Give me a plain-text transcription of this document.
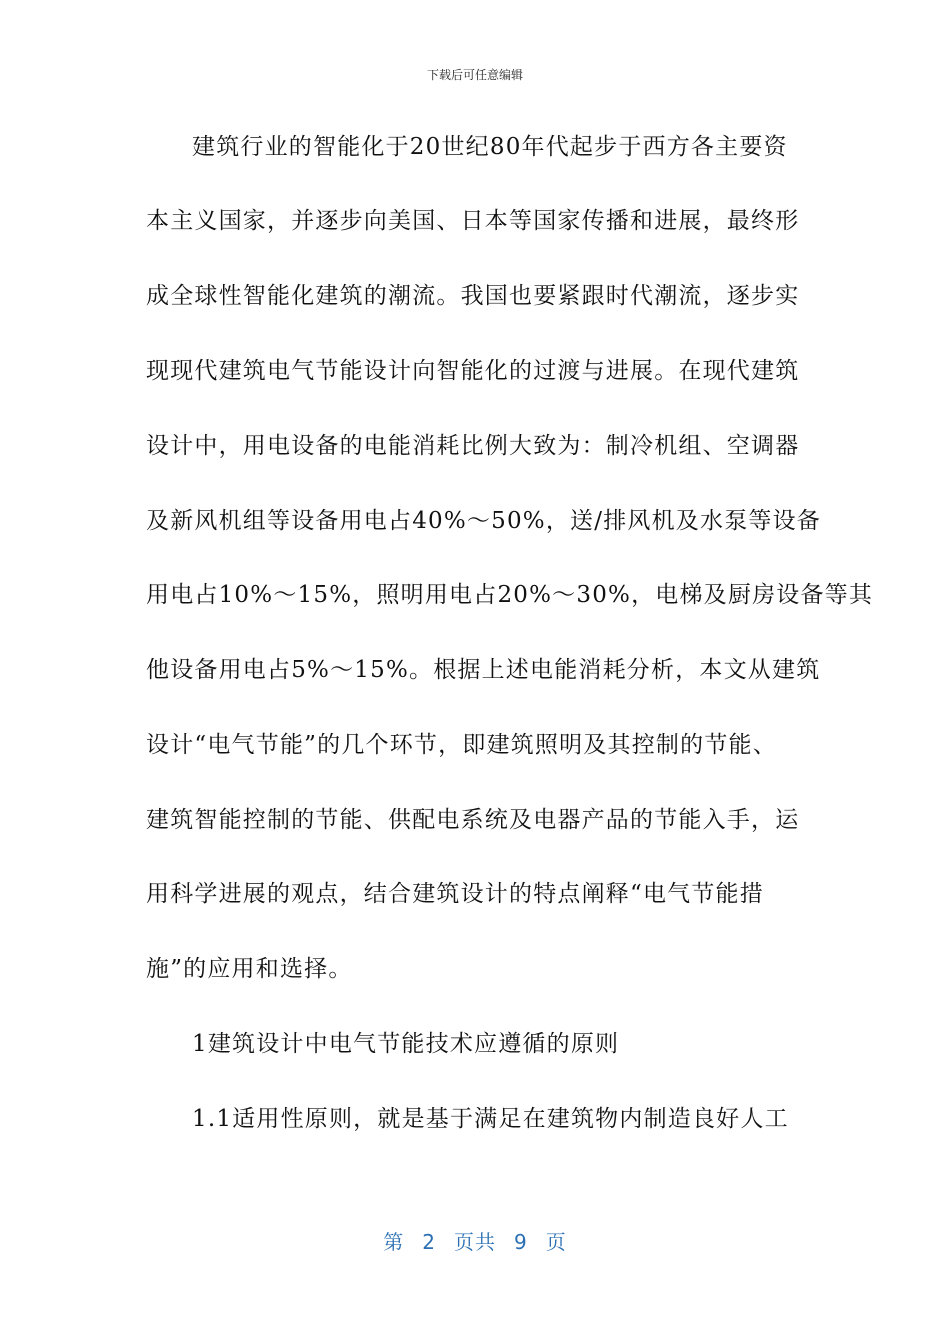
下载后可任意编辑
建筑行业的智能化于20世纪80年代起步于西方各主要资
本主义国家，并逐步向美国、日本等国家传播和进展，最终形
成全球性智能化建筑的潮流。我国也要紧跟时代潮流，逐步实
现现代建筑电气节能设计向智能化的过渡与进展。在现代建筑
设计中，用电设备的电能消耗比例大致为：制冷机组、空调器
及新风机组等设备用电占40%～50%，送/排风机及水泵等设备
用电占10%～15%，照明用电占20%～30%，电梯及厨房设备等其
他设备用电占5%～15%。根据上述电能消耗分析，本文从建筑
设计“电气节能”的几个环节，即建筑照明及其控制的节能、
建筑智能控制的节能、供配电系统及电器产品的节能入手，运
用科学进展的观点，结合建筑设计的特点阐释“电气节能措
施”的应用和选择。
1建筑设计中电气节能技术应遵循的原则
1.1适用性原则，就是基于满足在建筑物内制造良好人工
第 2 页共 9 页
